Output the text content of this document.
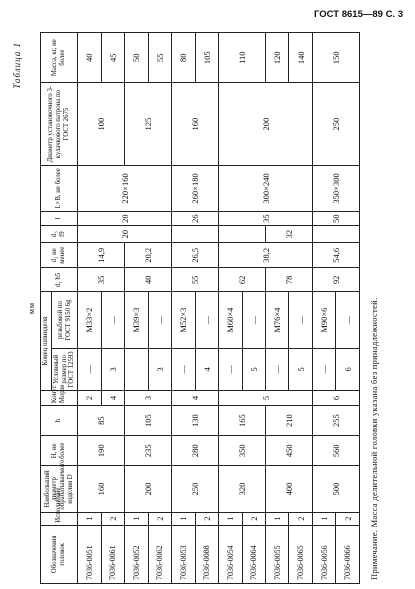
ГОСТ 8615—89 С. 3
Таблица 1
мм
Обозначения головок	Исполнение	Наибольший диаметр обрабатываемого изделия D	H, не более	h	Конус Морзе	Конец шпинделя		d₁ h5	d₂ не менее	d₃ f9	l	L×B, не более	Диаметр установочного 3-кулачкового патрона по ГОСТ 2675	Масса, кг, не более
						Условный размер по ГОСТ 12593	резьбовой по ГОСТ 9150 6g							
7036-0051	1	160	190	85	2	—	М33×2	35	14,9	20	20	220×160	100	40
7036-0061	2				4	3	—							45
7036-0052	1	200	235	105	3		М39×3	40	20,2				125	50
7036-0062	2					3	—							55
7036-0053	1	250	280	130	4	—	М52×3	55	26,5		26	260×180	160	80
7036-0088	2					4	—							105
7036-0054	1	320	350	165	5	—	М60×4	62	38,2		35	300×240	200	110
7036-0064	2					5	—							
7036-0055	1	400	450	210		—	М76×4	78		32				120
7036-0065	2					5	—							140
7036-0056	1	500	560	255	6	—	М90×6	92	54,6		50	350×300	250	150
7036-0066	2					6	—							Примечание. Масса делительной головки указана без принадлежностей.
